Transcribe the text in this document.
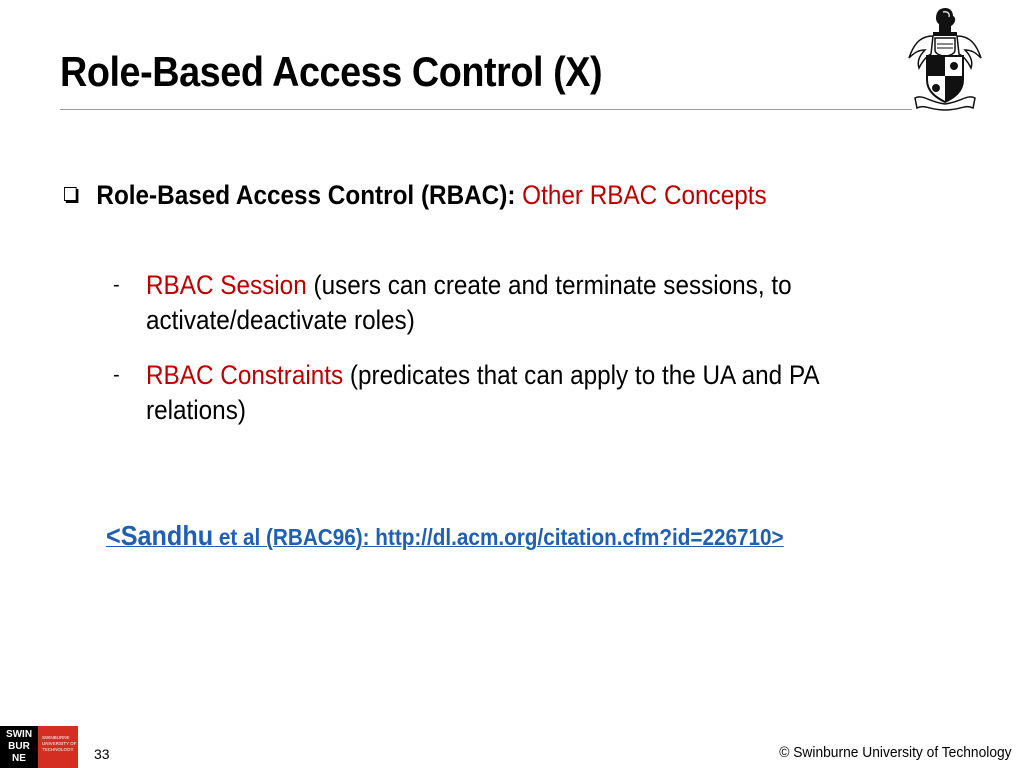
Role-Based Access Control (X)
Role-Based Access Control (RBAC): Other RBAC Concepts
- RBAC Session (users can create and terminate sessions, to activate/deactivate roles)
- RBAC Constraints (predicates that can apply to the UA and PA relations)
<Sandhu et al (RBAC96): http://dl.acm.org/citation.cfm?id=226710>
SWIN
BUR
NE
SWINBURNE
UNIVERSITY OF
TECHNOLOGY	33	© Swinburne University of Technology
